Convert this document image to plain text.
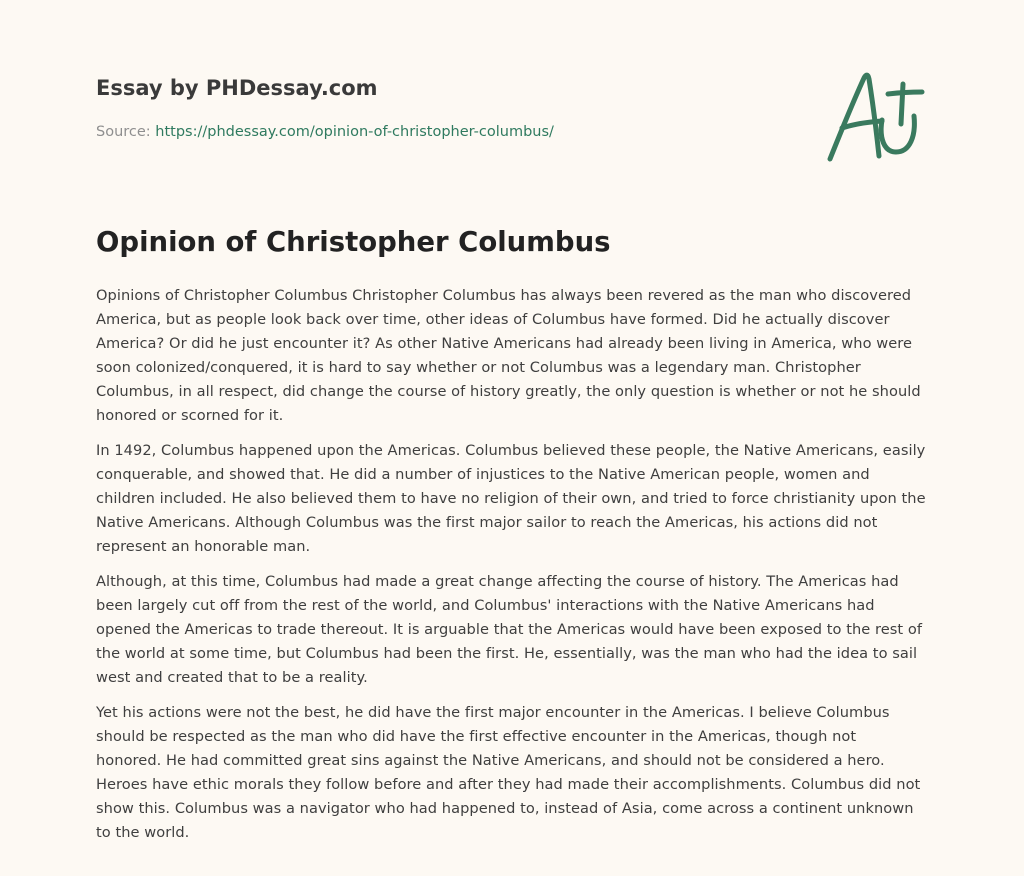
Essay by PHDessay.com

Source: https://phdessay.com/opinion-of-christopher-columbus/

Opinion of Christopher Columbus

Opinions of Christopher Columbus Christopher Columbus has always been revered as the man who discovered America, but as people look back over time, other ideas of Columbus have formed. Did he actually discover America? Or did he just encounter it? As other Native Americans had already been living in America, who were soon colonized/conquered, it is hard to say whether or not Columbus was a legendary man. Christopher Columbus, in all respect, did change the course of history greatly, the only question is whether or not he should honored or scorned for it.

In 1492, Columbus happened upon the Americas. Columbus believed these people, the Native Americans, easily conquerable, and showed that. He did a number of injustices to the Native American people, women and children included. He also believed them to have no religion of their own, and tried to force christianity upon the Native Americans. Although Columbus was the first major sailor to reach the Americas, his actions did not represent an honorable man.

Although, at this time, Columbus had made a great change affecting the course of history. The Americas had been largely cut off from the rest of the world, and Columbus' interactions with the Native Americans had opened the Americas to trade thereout. It is arguable that the Americas would have been exposed to the rest of the world at some time, but Columbus had been the first. He, essentially, was the man who had the idea to sail west and created that to be a reality.

Yet his actions were not the best, he did have the first major encounter in the Americas. I believe Columbus should be respected as the man who did have the first effective encounter in the Americas, though not honored. He had committed great sins against the Native Americans, and should not be considered a hero. Heroes have ethic morals they follow before and after they had made their accomplishments. Columbus did not show this. Columbus was a navigator who had happened to, instead of Asia, come across a continent unknown to the world.
